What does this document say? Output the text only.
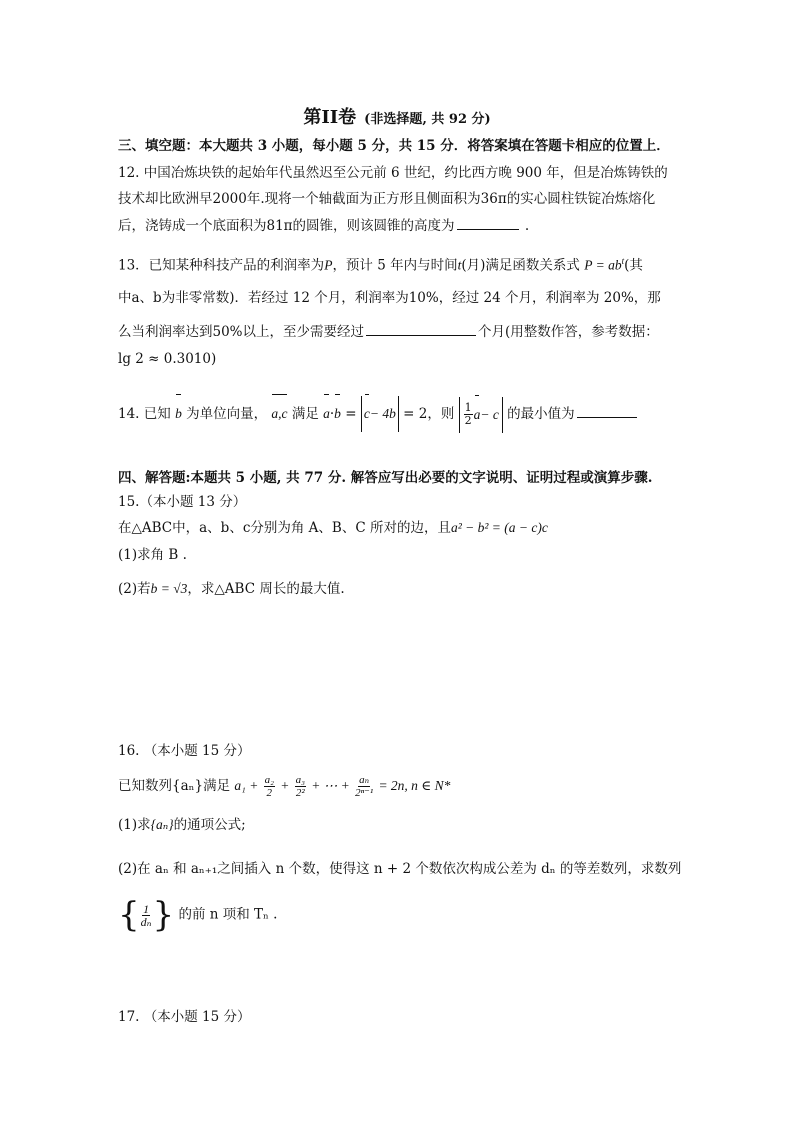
第II卷 (非选择题, 共 92 分)
三、填空题：本大题共 3 小题，每小题 5 分，共 15 分．将答案填在答题卡相应的位置上．
12. 中国冶炼块铁的起始年代虽然迟至公元前 6 世纪，约比西方晚 900 年，但是冶炼铸铁的
技术却比欧洲早2000年.现将一个轴截面为正方形且侧面积为36π的实心圆柱铁锭冶炼熔化
后，浇铸成一个底面积为81π的圆锥，则该圆锥的高度为	.
13．已知某种科技产品的利润率为P，预计 5 年内与时间t(月)满足函数关系式 $P = ab^t$(其
中a、b为非零常数)．若经过 12 个月，利润率为10%，经过 24 个月，利润率为 20%，那
么当利润率达到50%以上，至少需要经过	个月(用整数作答，参考数据：
lg 2 ≈ 0.3010)
14. 已知 b 为单位向量， a,c 满足 a·b = c− 4b = 2，则 $\frac{1}{2}$ a − c 的最小值为
四、解答题:本题共 5 小题, 共 77 分. 解答应写出必要的文字说明、证明过程或演算步骤.
15.（本小题 13 分）
在△ABC中，a、b、c分别为角 A、B、C 所对的边，且a² − b² = (a − c)c
(1)求角 B .
(2)若b = √3，求△ABC 周长的最大值.
16. （本小题 15 分）
已知数列{aₙ}满足 $a_1 + \frac{\text{a₂}}{2} + \frac{\text{a₃}}{\text{2²}}$ + ⋯ + $\frac{\text{aₙ}}{\text{2ⁿ⁻¹}} = 2n$, n ∈ N*
(1)求{aₙ}的通项公式;
(2)在 aₙ 和 aₙ₊₁之间插入 n 个数，使得这 n + 2 个数依次构成公差为 dₙ 的等差数列，求数列
{ $\frac{1}{\text{dₙ}}$ } 的前 n 项和 Tₙ .
17. （本小题 15 分）
